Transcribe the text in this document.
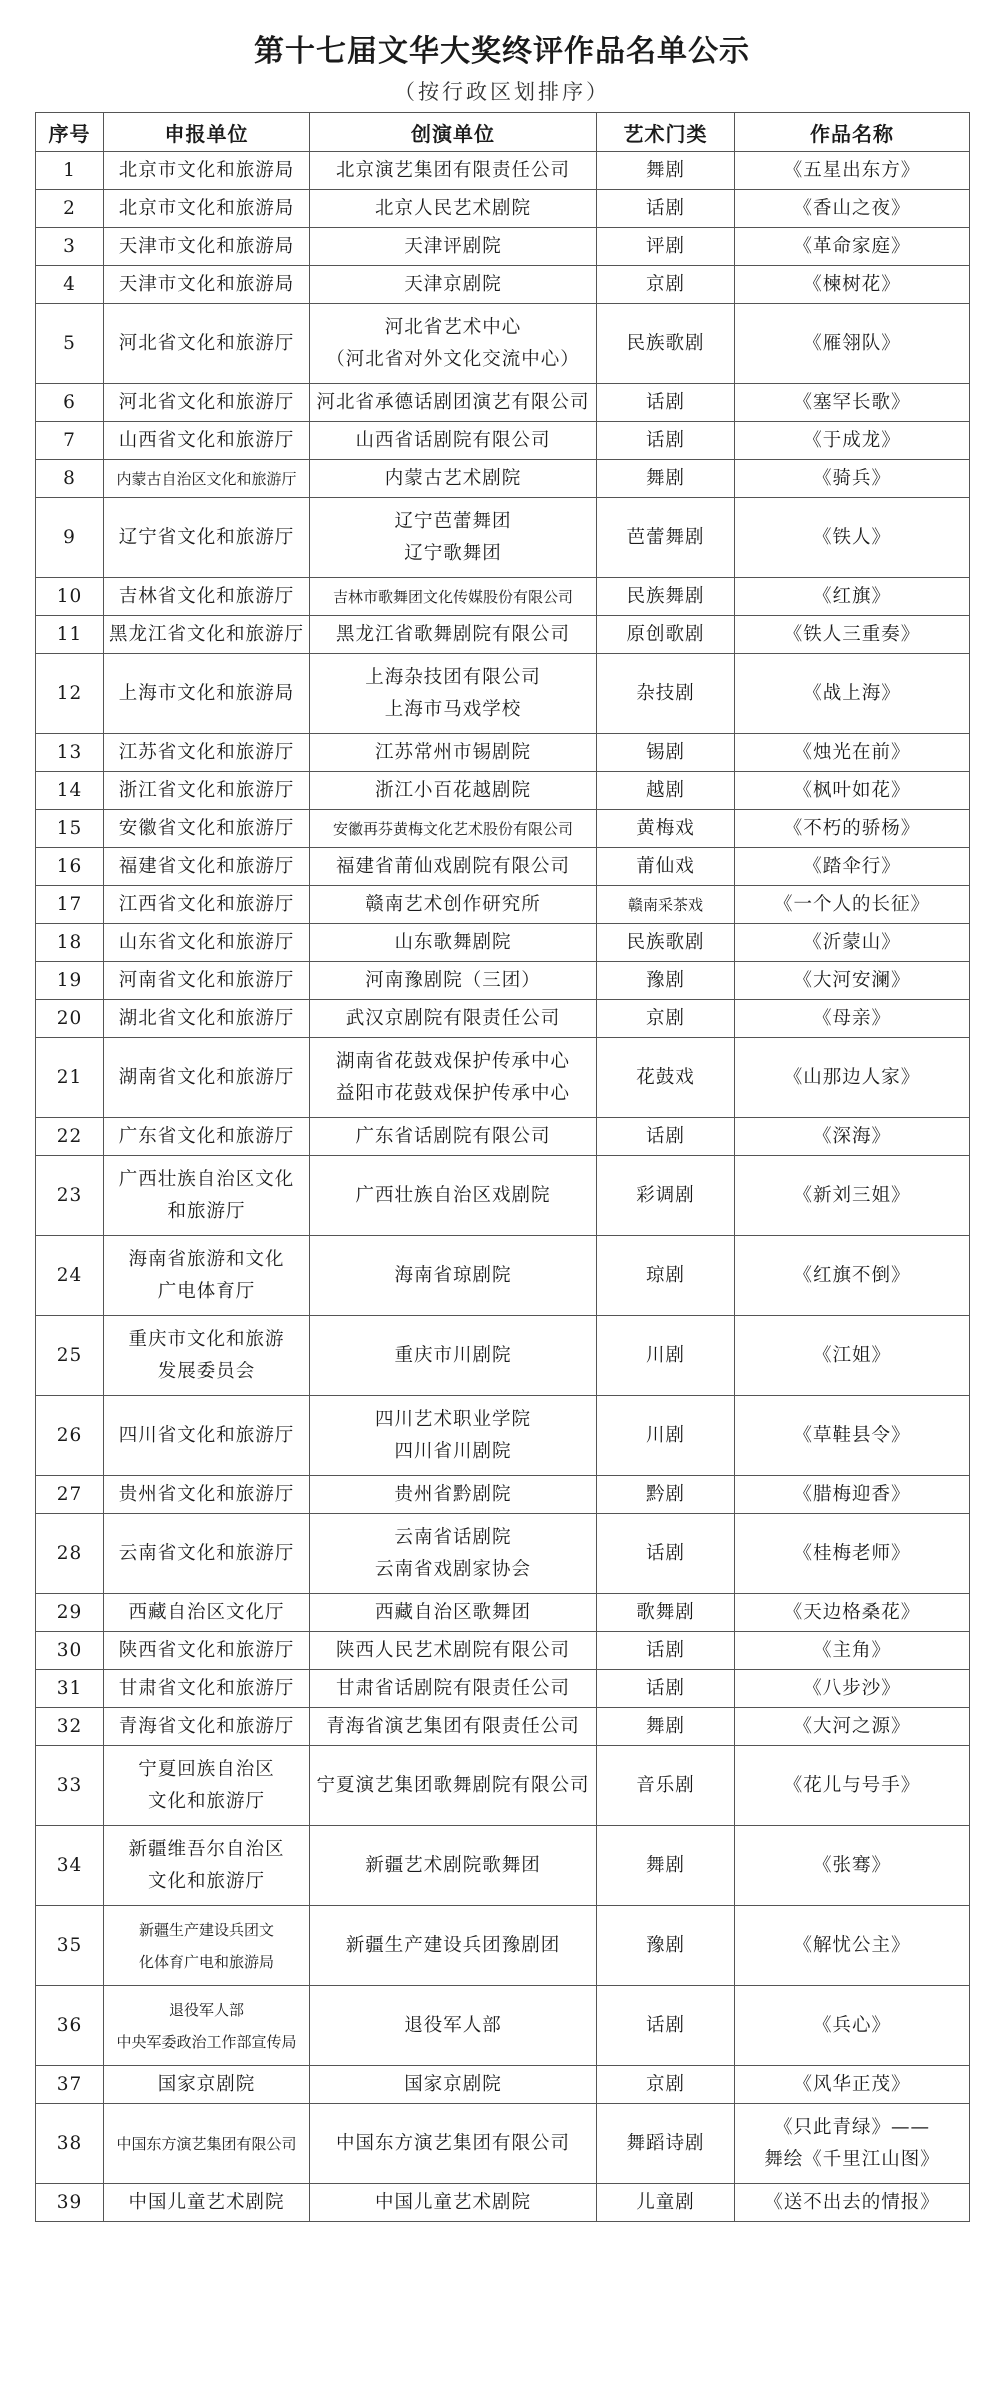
第十七届文华大奖终评作品名单公示
（按行政区划排序）
序号	申报单位	创演单位	艺术门类	作品名称
1	北京市文化和旅游局	北京演艺集团有限责任公司	舞剧	《五星出东方》

2	北京市文化和旅游局	北京人民艺术剧院	话剧	《香山之夜》

3	天津市文化和旅游局	天津评剧院	评剧	《革命家庭》

4	天津市文化和旅游局	天津京剧院	京剧	《楝树花》

5	河北省文化和旅游厅	河北省艺术中心
（河北省对外文化交流中心）	民族歌剧	《雁翎队》

6	河北省文化和旅游厅	河北省承德话剧团演艺有限公司	话剧	《塞罕长歌》

7	山西省文化和旅游厅	山西省话剧院有限公司	话剧	《于成龙》

8	内蒙古自治区文化和旅游厅	内蒙古艺术剧院	舞剧	《骑兵》

9	辽宁省文化和旅游厅	辽宁芭蕾舞团
辽宁歌舞团	芭蕾舞剧	《铁人》

10	吉林省文化和旅游厅	吉林市歌舞团文化传媒股份有限公司	民族舞剧	《红旗》

11	黑龙江省文化和旅游厅	黑龙江省歌舞剧院有限公司	原创歌剧	《铁人三重奏》

12	上海市文化和旅游局	上海杂技团有限公司
上海市马戏学校	杂技剧	《战上海》

13	江苏省文化和旅游厅	江苏常州市锡剧院	锡剧	《烛光在前》

14	浙江省文化和旅游厅	浙江小百花越剧院	越剧	《枫叶如花》

15	安徽省文化和旅游厅	安徽再芬黄梅文化艺术股份有限公司	黄梅戏	《不朽的骄杨》

16	福建省文化和旅游厅	福建省莆仙戏剧院有限公司	莆仙戏	《踏伞行》

17	江西省文化和旅游厅	赣南艺术创作研究所	赣南采茶戏	《一个人的长征》

18	山东省文化和旅游厅	山东歌舞剧院	民族歌剧	《沂蒙山》

19	河南省文化和旅游厅	河南豫剧院（三团）	豫剧	《大河安澜》

20	湖北省文化和旅游厅	武汉京剧院有限责任公司	京剧	《母亲》

21	湖南省文化和旅游厅	湖南省花鼓戏保护传承中心
益阳市花鼓戏保护传承中心	花鼓戏	《山那边人家》

22	广东省文化和旅游厅	广东省话剧院有限公司	话剧	《深海》

23	广西壮族自治区文化
和旅游厅	广西壮族自治区戏剧院	彩调剧	《新刘三姐》

24	海南省旅游和文化
广电体育厅	海南省琼剧院	琼剧	《红旗不倒》

25	重庆市文化和旅游
发展委员会	重庆市川剧院	川剧	《江姐》

26	四川省文化和旅游厅	四川艺术职业学院
四川省川剧院	川剧	《草鞋县令》

27	贵州省文化和旅游厅	贵州省黔剧院	黔剧	《腊梅迎香》

28	云南省文化和旅游厅	云南省话剧院
云南省戏剧家协会	话剧	《桂梅老师》

29	西藏自治区文化厅	西藏自治区歌舞团	歌舞剧	《天边格桑花》

30	陕西省文化和旅游厅	陕西人民艺术剧院有限公司	话剧	《主角》

31	甘肃省文化和旅游厅	甘肃省话剧院有限责任公司	话剧	《八步沙》

32	青海省文化和旅游厅	青海省演艺集团有限责任公司	舞剧	《大河之源》

33	宁夏回族自治区
文化和旅游厅	宁夏演艺集团歌舞剧院有限公司	音乐剧	《花儿与号手》

34	新疆维吾尔自治区
文化和旅游厅	新疆艺术剧院歌舞团	舞剧	《张骞》

35	新疆生产建设兵团文
化体育广电和旅游局	新疆生产建设兵团豫剧团	豫剧	《解忧公主》

36	退役军人部
中央军委政治工作部宣传局	退役军人部	话剧	《兵心》

37	国家京剧院	国家京剧院	京剧	《风华正茂》

38	中国东方演艺集团有限公司	中国东方演艺集团有限公司	舞蹈诗剧	《只此青绿》——
舞绘《千里江山图》

39	中国儿童艺术剧院	中国儿童艺术剧院	儿童剧	《送不出去的情报》
